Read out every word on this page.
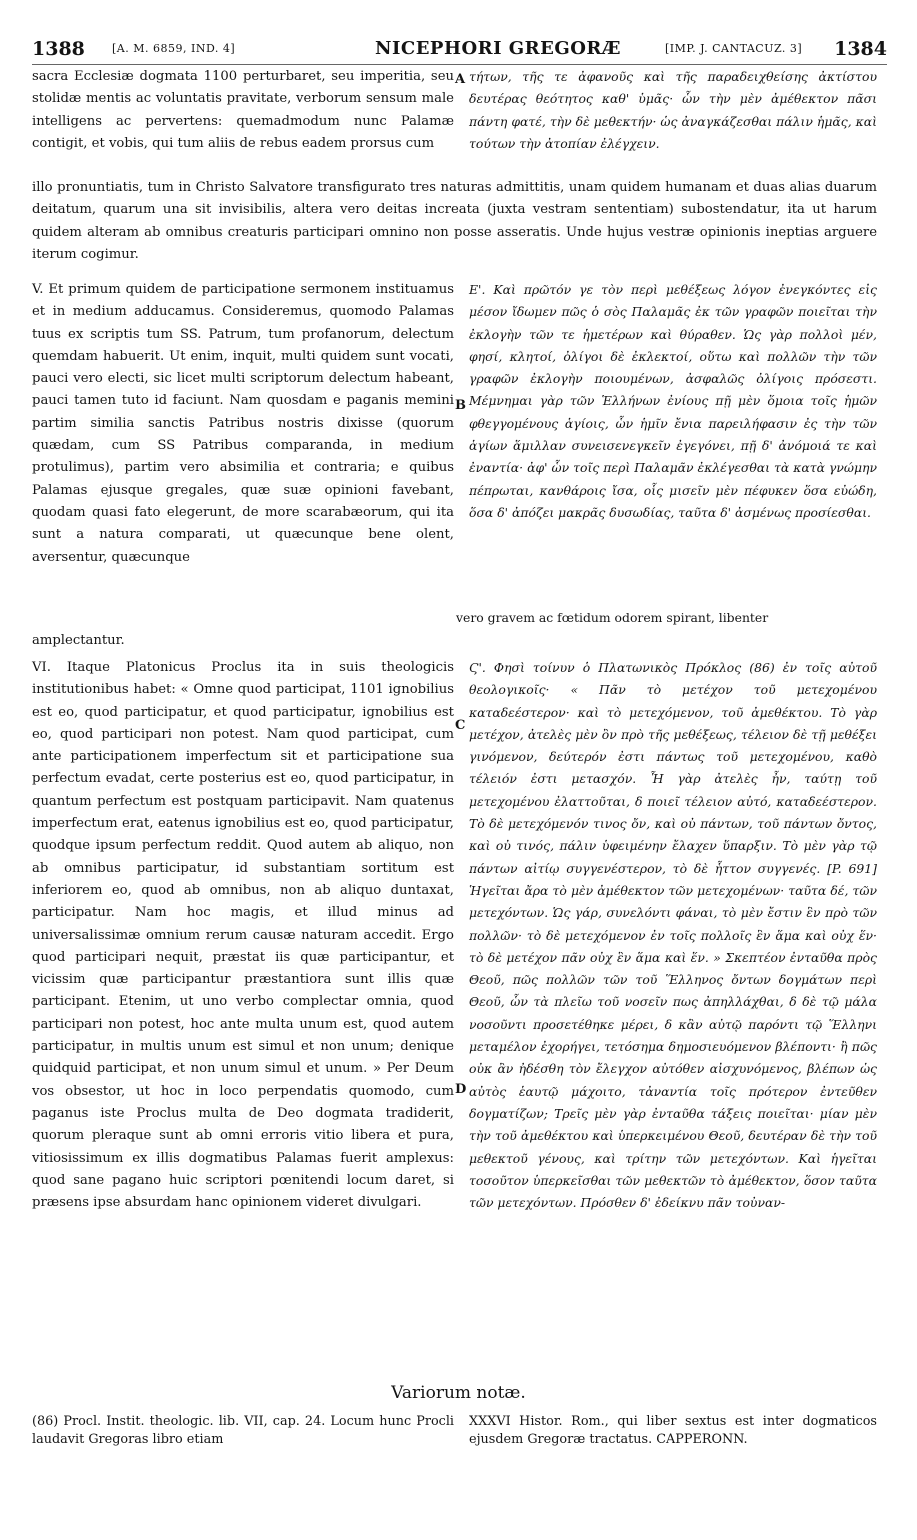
1388 [A. M. 6859, IND. 4]	NICEPHORI GREGORÆ	[IMP. J. CANTACUZ. 3] 1384

sacra Ecclesiæ dogmata 1100 perturbaret, seu imperitia, seu stolidæ mentis ac voluntatis pravitate, verborum sensum male intelligens ac pervertens: quemadmodum nunc Palamæ contigit, et vobis, qui tum aliis de rebus eadem prorsus cum

A τήτων, τῆς τε ἀφανοῦς καὶ τῆς παραδειχθείσης ἀκτίστου δευτέρας θεότητος καθ' ὑμᾶς· ὧν τὴν μὲν ἀμέθεκτον πᾶσι πάντη φατέ, τὴν δὲ μεθεκτήν· ὡς ἀναγκάζεσθαι πάλιν ἡμᾶς, καὶ τούτων τὴν ἀτοπίαν ἐλέγχειν.

illo pronuntiatis, tum in Christo Salvatore transfigurato tres naturas admittitis, unam quidem humanam et duas alias duarum deitatum, quarum una sit invisibilis, altera vero deitas increata (juxta vestram sententiam) subostendatur, ita ut harum quidem alteram ab omnibus creaturis participari omnino non posse asseratis. Unde hujus vestræ opinionis ineptias arguere iterum cogimur.

V. Et primum quidem de participatione sermonem instituamus et in medium adducamus. Consideremus, quomodo Palamas tuus ex scriptis tum SS. Patrum, tum profanorum, delectum quemdam habuerit. Ut enim, inquit, multi quidem sunt vocati, pauci vero electi, sic licet multi scriptorum delectum habeant, pauci tamen tuto id faciunt. Nam quosdam e paganis memini partim similia sanctis Patribus nostris dixisse (quorum quædam, cum SS Patribus comparanda, in medium protulimus), partim vero absimilia et contraria; e quibus Palamas ejusque gregales, quæ suæ opinioni favebant, quodam quasi fato elegerunt, de more scarabæorum, qui ita sunt a natura comparati, ut quæcunque bene olent, aversentur, quæcunque

B

Ε'. Καὶ πρῶτόν γε τὸν περὶ μεθέξεως λόγον ἐνεγκόντες εἰς μέσον ἴδωμεν πῶς ὁ σὸς Παλαμᾶς ἐκ τῶν γραφῶν ποιεῖται τὴν ἐκλογὴν τῶν τε ἡμετέρων καὶ θύραθεν. Ὡς γὰρ πολλοὶ μέν, φησί, κλητοί, ὀλίγοι δὲ ἐκλεκτοί, οὕτω καὶ πολλῶν τὴν τῶν γραφῶν ἐκλογὴν ποιουμένων, ἀσφαλῶς ὀλίγοις πρόσεστι. Μέμνημαι γὰρ τῶν Ἑλλήνων ἐνίους πῇ μὲν ὅμοια τοῖς ἡμῶν φθεγγομένους ἁγίοις, ὧν ἡμῖν ἔνια παρειλήφασιν ἐς τὴν τῶν ἁγίων ἅμιλλαν συνεισενεγκεῖν ἐγεγόνει, πῇ δ' ἀνόμοιά τε καὶ ἐναντία· ἀφ' ὧν τοῖς περὶ Παλαμᾶν ἐκλέγεσθαι τὰ κατὰ γνώμην πέπρωται, κανθάροις ἴσα, οἷς μισεῖν μὲν πέφυκεν ὅσα εὐώδη, ὅσα δ' ἀπόζει μακρᾶς δυσωδίας, ταῦτα δ' ἀσμένως προσίεσθαι.

vero gravem ac fœtidum odorem spirant, libenter

amplectantur.

VI. Itaque Platonicus Proclus ita in suis theologicis institutionibus habet: « Omne quod participat, 1101 ignobilius est eo, quod participatur, et quod participatur, ignobilius est eo, quod participari non potest. Nam quod participat, cum ante participationem imperfectum sit et participatione sua perfectum evadat, certe posterius est eo, quod participatur, in quantum perfectum est postquam participavit. Nam quatenus imperfectum erat, eatenus ignobilius est eo, quod participatur, quodque ipsum perfectum reddit. Quod autem ab aliquo, non ab omnibus participatur, id substantiam sortitum est inferiorem eo, quod ab omnibus, non ab aliquo duntaxat, participatur. Nam hoc magis, et illud minus ad universalissimæ omnium rerum causæ naturam accedit. Ergo quod participari nequit, præstat iis quæ participantur, et vicissim quæ participantur præstantiora sunt illis quæ participant. Etenim, ut uno verbo complectar omnia, quod participari non potest, hoc ante multa unum est, quod autem participatur, in multis unum est simul et non unum; denique quidquid participat, et non unum simul et unum. » Per Deum vos obsestor, ut hoc in loco perpendatis quomodo, cum paganus iste Proclus multa de Deo dogmata tradiderit, quorum pleraque sunt ab omni erroris vitio libera et pura, vitiosissimum ex illis dogmatibus Palamas fuerit amplexus: quod sane pagano huic scriptori pœnitendi locum daret, si præsens ipse absurdam hanc opinionem videret divulgari.

C
D

Ϛ'. Φησὶ τοίνυν ὁ Πλατωνικὸς Πρόκλος (86) ἐν τοῖς αὐτοῦ θεολογικοῖς· « Πᾶν τὸ μετέχον τοῦ μετεχομένου καταδεέστερον· καὶ τὸ μετεχόμενον, τοῦ ἀμεθέκτου. Τὸ γὰρ μετέχον, ἀτελὲς μὲν ὂν πρὸ τῆς μεθέξεως, τέλειον δὲ τῇ μεθέξει γινόμενον, δεύτερόν ἐστι πάντως τοῦ μετεχομένου, καθὸ τέλειόν ἐστι μετασχόν. Ἧ γὰρ ἀτελὲς ἦν, ταύτῃ τοῦ μετεχομένου ἐλαττοῦται, δ ποιεῖ τέλειον αὐτό, καταδεέστερον. Τὸ δὲ μετεχόμενόν τινος ὄν, καὶ οὐ πάντων, τοῦ πάντων ὄντος, καὶ οὐ τινός, πάλιν ὑφειμένην ἔλαχεν ὕπαρξιν. Τὸ μὲν γὰρ τῷ πάντων αἰτίῳ συγγενέστερον, τὸ δὲ ἧττον συγγενές. [P. 691] Ἡγεῖται ἄρα τὸ μὲν ἀμέθεκτον τῶν μετεχομένων· ταῦτα δέ, τῶν μετεχόντων. Ὡς γάρ, συνελόντι φάναι, τὸ μὲν ἔστιν ἓν πρὸ τῶν πολλῶν· τὸ δὲ μετεχόμενον ἐν τοῖς πολλοῖς ἓν ἅμα καὶ οὐχ ἕν· τὸ δὲ μετέχον πᾶν οὐχ ἓν ἅμα καὶ ἕν. » Σκεπτέον ἐνταῦθα πρὸς Θεοῦ, πῶς πολλῶν τῶν τοῦ Ἕλληνος ὄντων δογμάτων περὶ Θεοῦ, ὧν τὰ πλεῖω τοῦ νοσεῖν πως ἀπηλλάχθαι, δ δὲ τῷ μάλα νοσοῦντι προσετέθηκε μέρει, δ κἂν αὐτῷ παρόντι τῷ Ἕλληνι μεταμέλον ἐχορήγει, τετόσημα δημοσιευόμενον βλέποντι· ἢ πῶς οὐκ ἂν ἠδέσθη τὸν ἔλεγχον αὐτόθεν αἰσχυνόμενος, βλέπων ὡς αὐτὸς ἑαυτῷ μάχοιτο, τἀναντία τοῖς πρότερον ἐντεῦθεν δογματίζων; Τρεῖς μὲν γὰρ ἐνταῦθα τάξεις ποιεῖται· μίαν μὲν τὴν τοῦ ἀμεθέκτου καὶ ὑπερκειμένου Θεοῦ, δευτέραν δὲ τὴν τοῦ μεθεκτοῦ γένους, καὶ τρίτην τῶν μετεχόντων. Καὶ ἡγεῖται τοσοῦτον ὑπερκεῖσθαι τῶν μεθεκτῶν τὸ ἀμέθεκτον, ὅσον ταῦτα τῶν μετεχόντων. Πρόσθεν δ' ἐδείκνυ πᾶν τοὐναν-

Variorum notæ.
(86) Procl. Instit. theologic. lib. VII, cap. 24. Locum hunc Procli laudavit Gregoras libro etiam
XXXVI Histor. Rom., qui liber sextus est inter dogmaticos ejusdem Gregoræ tractatus. CAPPERONN.
